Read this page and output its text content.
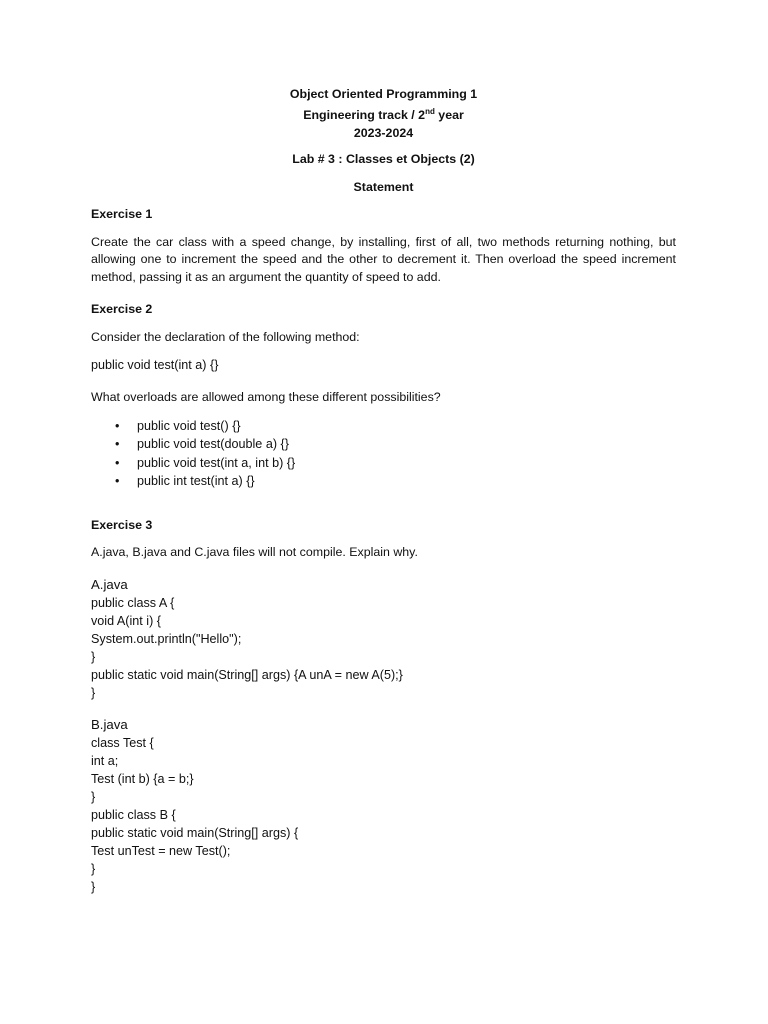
Object Oriented Programming 1
Engineering track / 2nd year
2023-2024
Lab # 3 : Classes et Objects (2)
Statement
Exercise 1

Create the car class with a speed change, by installing, first of all, two methods returning nothing, but allowing one to increment the speed and the other to decrement it. Then overload the speed increment method, passing it as an argument the quantity of speed to add.

Exercise 2

Consider the declaration of the following method:

public void test(int a) {}

What overloads are allowed among these different possibilities?

• public void test() {}
• public void test(double a) {}
• public void test(int a, int b) {}
• public int test(int a) {}
Exercise 3

A.java, B.java and C.java files will not compile. Explain why.

A.java
public class A {
void A(int i) {
System.out.println("Hello");
}
public static void main(String[] args) {A unA = new A(5);}
}
B.java
class Test {
int a;
Test (int b) {a = b;}
}
public class B {
public static void main(String[] args) {
Test unTest = new Test();
}
}
